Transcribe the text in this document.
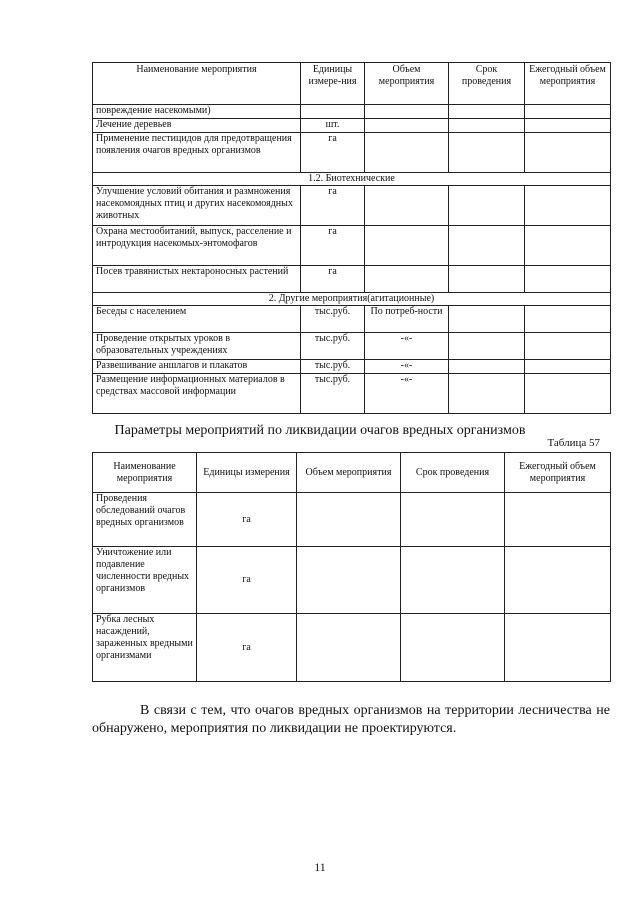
Наименование мероприятия	Единицы измере-ния	Объем мероприятия	Срок проведения	Ежегодный объем мероприятия
повреждение насекомыми)				
Лечение деревьев	шт.			
Применение пестицидов для предотвращения появления очагов вредных организмов	га			
1.2. Биотехнические				
Улучшение условий обитания и размножения насекомоядных птиц и других насекомоядных животных	га			
Охрана местообитаний, выпуск, расселение и интродукция насекомых-энтомофагов	га			
Посев травянистых нектароносных растений	га			
2. Другие мероприятия(агитационные)				
Беседы с населением	тыс.руб.	По потреб-ности		
Проведение открытых уроков в образовательных учреждениях	тыс.руб.	-«-		
Развешивание аншлагов и плакатов	тыс.руб.	-«-		
Размещение информационных материалов в средствах массовой информации	тыс.руб.	-«-		
Параметры мероприятий по ликвидации очагов вредных организмов
Таблица 57
Наименование мероприятия	Единицы измерения	Объем мероприятия	Срок проведения	Ежегодный объем мероприятия
Проведения обследований очагов вредных организмов	га			
Уничтожение или подавление численности вредных организмов	га			
Рубка лесных насаждений, зараженных вредными организмами	га			

В связи с тем, что очагов вредных организмов на территории лесничества не обнаружено, мероприятия по ликвидации не проектируются.

11
